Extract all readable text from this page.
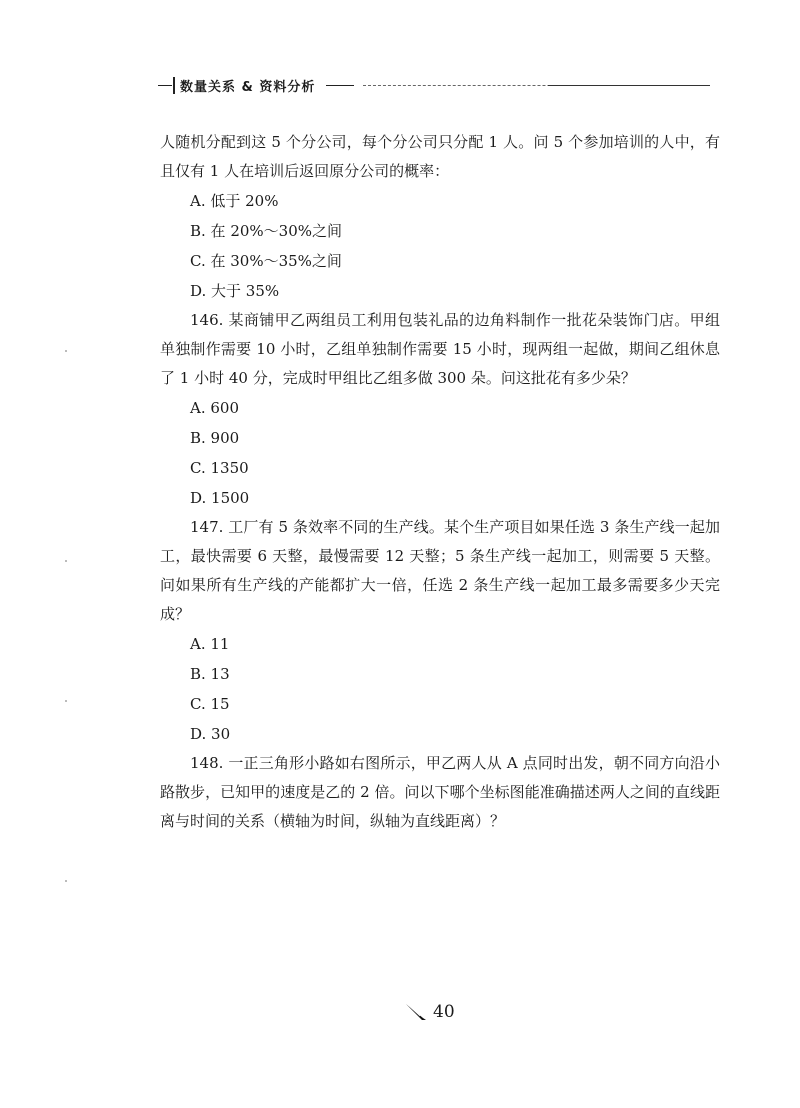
数量关系 & 资料分析

人随机分配到这 5 个分公司，每个分公司只分配 1 人。问 5 个参加培训的人中，有且仅有 1 人在培训后返回原分公司的概率：

A. 低于 20%

B. 在 20%～30%之间

C. 在 30%～35%之间

D. 大于 35%

146. 某商铺甲乙两组员工利用包装礼品的边角料制作一批花朵装饰门店。甲组单独制作需要 10 小时，乙组单独制作需要 15 小时，现两组一起做，期间乙组休息了 1 小时 40 分，完成时甲组比乙组多做 300 朵。问这批花有多少朵？

A. 600

B. 900

C. 1350

D. 1500

147. 工厂有 5 条效率不同的生产线。某个生产项目如果任选 3 条生产线一起加工，最快需要 6 天整，最慢需要 12 天整；5 条生产线一起加工，则需要 5 天整。问如果所有生产线的产能都扩大一倍，任选 2 条生产线一起加工最多需要多少天完成？

A. 11

B. 13

C. 15

D. 30

148. 一正三角形小路如右图所示，甲乙两人从 A 点同时出发，朝不同方向沿小路散步，已知甲的速度是乙的 2 倍。问以下哪个坐标图能准确描述两人之间的直线距离与时间的关系（横轴为时间，纵轴为直线距离）？

40
